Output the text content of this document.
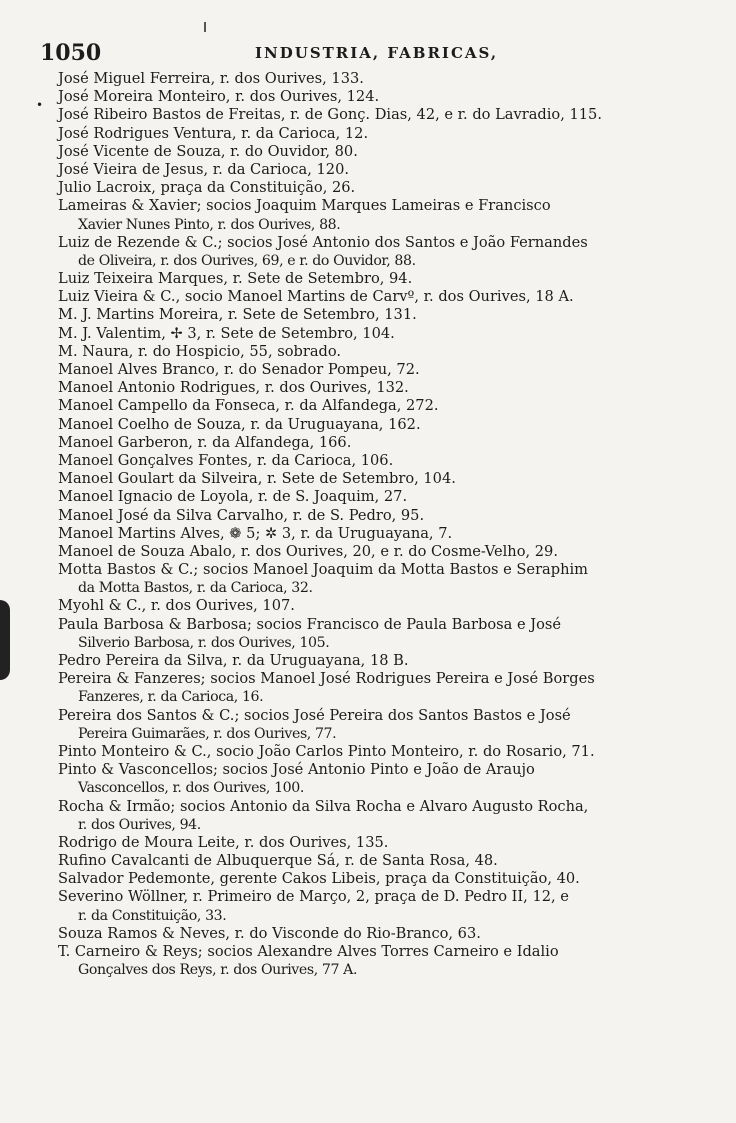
•
1050	INDUSTRIA, FABRICAS,
José Miguel Ferreira, r. dos Ourives, 133.
José Moreira Monteiro, r. dos Ourives, 124.
José Ribeiro Bastos de Freitas, r. de Gonç. Dias, 42, e r. do Lavradio, 115.
José Rodrigues Ventura, r. da Carioca, 12.
José Vicente de Souza, r. do Ouvidor, 80.
José Vieira de Jesus, r. da Carioca, 120.
Julio Lacroix, praça da Constituição, 26.
Lameiras & Xavier; socios Joaquim Marques Lameiras e Francisco
Xavier Nunes Pinto, r. dos Ourives, 88.
Luiz de Rezende & C.; socios José Antonio dos Santos e João Fernandes
de Oliveira, r. dos Ourives, 69, e r. do Ouvidor, 88.
Luiz Teixeira Marques, r. Sete de Setembro, 94.
Luiz Vieira & C., socio Manoel Martins de Carvº, r. dos Ourives, 18 A.
M. J. Martins Moreira, r. Sete de Setembro, 131.
M. J. Valentim, ✢ 3, r. Sete de Setembro, 104.
M. Naura, r. do Hospicio, 55, sobrado.
Manoel Alves Branco, r. do Senador Pompeu, 72.
Manoel Antonio Rodrigues, r. dos Ourives, 132.
Manoel Campello da Fonseca, r. da Alfandega, 272.
Manoel Coelho de Souza, r. da Uruguayana, 162.
Manoel Garberon, r. da Alfandega, 166.
Manoel Gonçalves Fontes, r. da Carioca, 106.
Manoel Goulart da Silveira, r. Sete de Setembro, 104.
Manoel Ignacio de Loyola, r. de S. Joaquim, 27.
Manoel José da Silva Carvalho, r. de S. Pedro, 95.
Manoel Martins Alves, ❁ 5; ✲ 3, r. da Uruguayana, 7.
Manoel de Souza Abalo, r. dos Ourives, 20, e r. do Cosme-Velho, 29.
Motta Bastos & C.; socios Manoel Joaquim da Motta Bastos e Seraphim
da Motta Bastos, r. da Carioca, 32.
Myohl & C., r. dos Ourives, 107.
Paula Barbosa & Barbosa; socios Francisco de Paula Barbosa e José
Silverio Barbosa, r. dos Ourives, 105.
Pedro Pereira da Silva, r. da Uruguayana, 18 B.
Pereira & Fanzeres; socios Manoel José Rodrigues Pereira e José Borges
Fanzeres, r. da Carioca, 16.
Pereira dos Santos & C.; socios José Pereira dos Santos Bastos e José
Pereira Guimarães, r. dos Ourives, 77.
Pinto Monteiro & C., socio João Carlos Pinto Monteiro, r. do Rosario, 71.
Pinto & Vasconcellos; socios José Antonio Pinto e João de Araujo
Vasconcellos, r. dos Ourives, 100.
Rocha & Irmão; socios Antonio da Silva Rocha e Alvaro Augusto Rocha,
r. dos Ourives, 94.
Rodrigo de Moura Leite, r. dos Ourives, 135.
Rufino Cavalcanti de Albuquerque Sá, r. de Santa Rosa, 48.
Salvador Pedemonte, gerente Cakos Libeis, praça da Constituição, 40.
Severino Wöllner, r. Primeiro de Março, 2, praça de D. Pedro II, 12, e
r. da Constituição, 33.
Souza Ramos & Neves, r. do Visconde do Rio-Branco, 63.
T. Carneiro & Reys; socios Alexandre Alves Torres Carneiro e Idalio
Gonçalves dos Reys, r. dos Ourives, 77 A.
